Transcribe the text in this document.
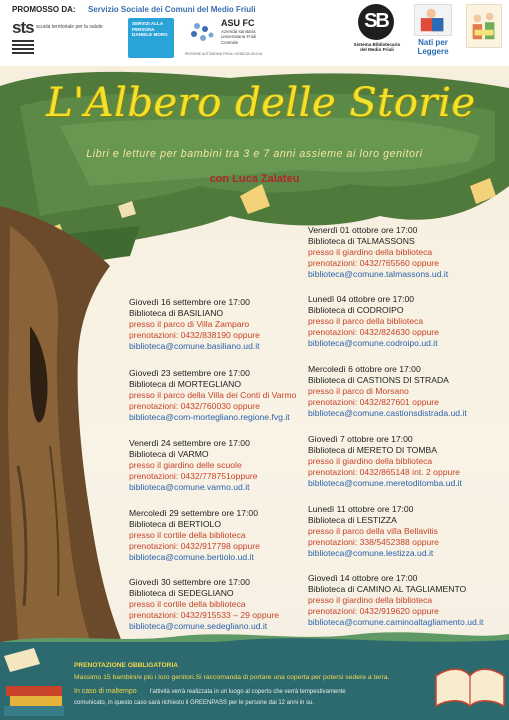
PROMOSSO DA: Servizio Sociale dei Comuni del Medio Friuli
sts scuola territoriale per la salute
SERVIZI ALLA PERSONA DANIELE MORO
ASU FC
Azienda sanitaria universitaria Friuli Centrale
REGIONE AUTONOMA FRIULI VENEZIA GIULIA
SB
Sistema Bibliotecario del Medio Friuli
Nati per Leggere
L'Albero delle Storie
Libri e letture per bambini tra 3 e 7 anni assieme ai loro genitori
con Luca Zalateu
Giovedì 16 settembre ore 17:00
Biblioteca di BASILIANO
presso il parco di Villa Zamparo
prenotazioni: 0432/838190 oppure
biblioteca@comune.basiliano.ud.it
Giovedì 23 settembre ore 17:00
Biblioteca di MORTEGLIANO
presso il parco della Villa dei Conti di Varmo
prenotazioni: 0432/760030 oppure
biblioteca@com-mortegliano.regione.fvg.it
Venerdì 24 settembre ore 17:00
Biblioteca di VARMO
presso il giardino delle scuole
prenotazioni: 0432/778751oppure
biblioteca@comune.varmo.ud.it
Mercoledì 29 settembre ore 17:00
Biblioteca di BERTIOLO
presso il cortile della biblioteca
prenotazioni: 0432/917798 oppure
biblioteca@comune.bertiolo.ud.it
Giovedì 30 settembre ore 17:00
Biblioteca di SEDEGLIANO
presso il cortile della biblioteca
prenotazioni: 0432/915533 – 29 oppure
biblioteca@comune.sedegliano.ud.it
Venerdì 01 ottobre ore 17:00
Biblioteca di TALMASSONS
presso il giardino della biblioteca
prenotazioni: 0432/765560 oppure
biblioteca@comune.talmassons.ud.it
Lunedì 04 ottobre ore 17:00
Biblioteca di CODROIPO
presso il parco della biblioteca
prenotazioni: 0432/824630 oppure
biblioteca@comune.codroipo.ud.it
Mercoledì 6 ottobre ore 17:00
Biblioteca di CASTIONS DI STRADA
presso il parco di Morsano
prenotazioni: 0432/827601 oppure
biblioteca@comune.castionsdistrada.ud.it
Giovedì 7 ottobre ore 17:00
Biblioteca di MERETO DI TOMBA
presso il giardino della biblioteca
prenotazioni: 0432/865148 int. 2 oppure
biblioteca@comune.meretoditomba.ud.it
Lunedì 11 ottobre ore 17:00
Biblioteca di LESTIZZA
presso il parco della villa Bellavitis
prenotazioni: 338/5452388 oppure
biblioteca@comune.lestizza.ud.it
Giovedì 14 ottobre ore 17:00
Biblioteca di CAMINO AL TAGLIAMENTO
presso il giardino della biblioteca
prenotazioni: 0432/919620 oppure
biblioteca@comune.caminoaltagliamento.ud.it
PRENOTAZIONE OBBLIGATORIA
Massimo 15 bambini/e più i loro genitori.Si raccomanda di portare una coperta per potersi sedere a terra.
In caso di maltempo l'attività verrà realizzata in un luogo al coperto che verrà tempestivamente
comunicato, in questo caso sarà richiesto il GREENPASS per le persone dai 12 anni in su.
